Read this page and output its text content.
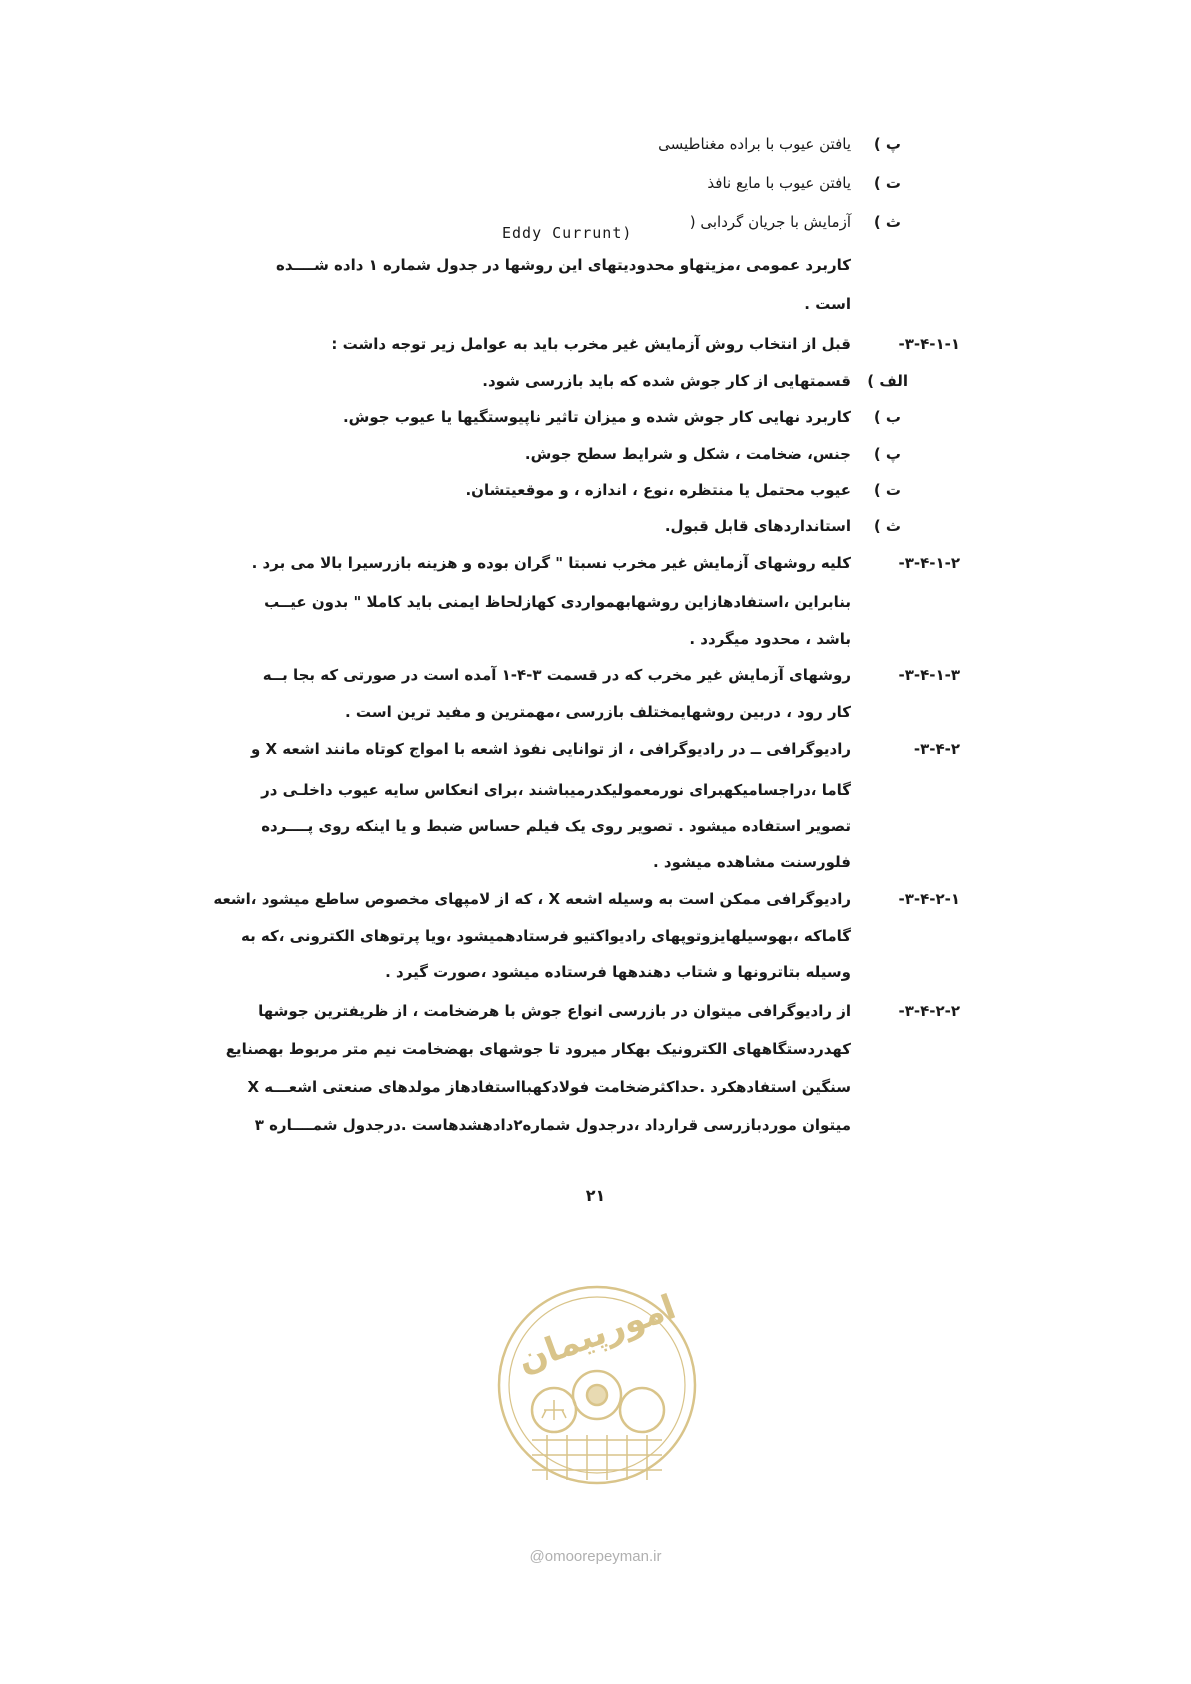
پ )
یافتن عیوب با براده مغناطیسی
ت )
یافتن عیوب با مایع نافذ
ث )
آزمایش با جریان گردابی (
Eddy Currunt)
کاربرد عمومی ،مزیتهاو محدودیتهای این روشها در جدول شماره ۱ داده شــــده
است .
۳-۴-۱-۱-
قبل از انتخاب روش آزمایش غیر مخرب باید به عوامل زیر توجه داشت :
الف )
قسمتهایی از کار جوش شده که باید بازرسی شود.
ب )
کاربرد نهایی کار جوش شده و میزان تاثیر ناپیوستگیها یا عیوب جوش.
پ )
جنس، ضخامت ، شکل و شرایط سطح جوش.
ت )
عیوب محتمل یا منتظره ،نوع ، اندازه ، و موقعیتشان.
ث )
استانداردهای قابل قبول.
۳-۴-۱-۲-
کلیه روشهای آزمایش غیر مخرب نسبتا " گران بوده و هزینه بازرسیرا بالا می برد .
بنابراین ،استفادهازاین روشهابهمواردی کهازلحاظ ایمنی باید کاملا " بدون عیــب
باشد ، محدود میگردد .
۳-۴-۱-۳-
روشهای آزمایش غیر مخرب که در قسمت ۳-۴-۱ آمده است در صورتی که بجا بــه
کار رود ، دربین روشهایمختلف بازرسی ،مهمترین و مفید ترین است .
۳-۴-۲-
رادیوگرافی ــ در رادیوگرافی ، از توانایی نفوذ اشعه با امواج کوتاه مانند اشعه X و
گاما ،دراجسامیکهبرای نورمعمولیکدرمیباشند ،برای انعکاس سایه عیوب داخلـی در
تصویر استفاده میشود . تصویر روی یک فیلم حساس ضبط و یا اینکه روی پــــرده
فلورسنت مشاهده میشود .
۳-۴-۲-۱-
رادیوگرافی ممکن است به وسیله اشعه X ، که از لامپهای مخصوص ساطع میشود ،اشعه
گاماکه ،بهوسیلهایزوتوپهای رادیواکتیو فرستادهمیشود ،ویا پرتوهای الکترونی ،که به
وسیله بتاترونها و شتاب دهندهها فرستاده میشود ،صورت گیرد .
۳-۴-۲-۲-
از رادیوگرافی میتوان در بازرسی انواع جوش با هرضخامت ، از ظریفترین جوشها
کهدردستگاههای الکترونیک بهکار میرود تا جوشهای بهضخامت نیم متر مربوط بهصنایع
سنگین استفادهکرد .حداکثرضخامت فولادکهبااستفادهاز مولدهای صنعتی اشعـــه X
میتوان موردبازرسی قرارداد ،درجدول شماره۲دادهشدهاست .درجدول شمــــاره ۳
۲۱
امورپیمان
@omoorepeyman.ir
